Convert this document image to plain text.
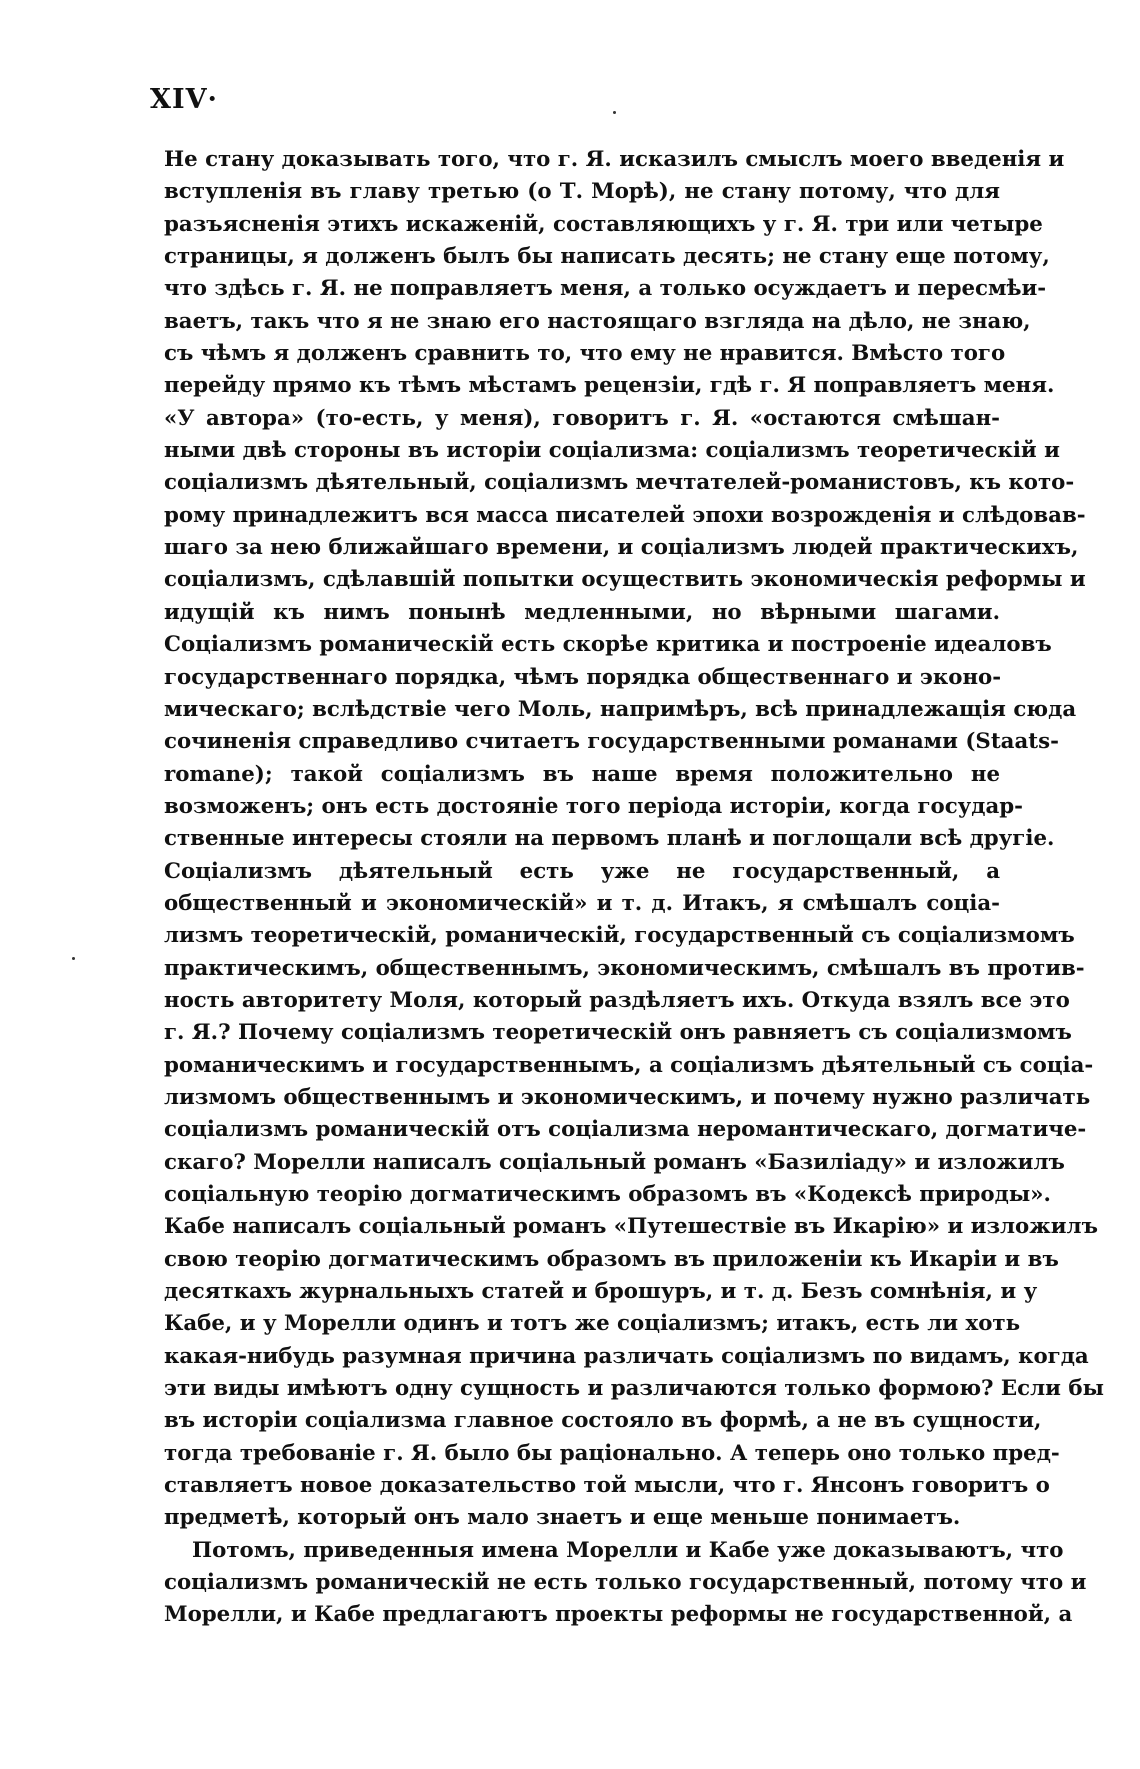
XIV·
Не стану доказывать того, что г. Я. исказилъ смыслъ моего введенія и
вступленія въ главу третью (о Т. Морѣ), не стану потому, что для
разъясненія этихъ искаженій, составляющихъ у г. Я. три или четыре
страницы, я долженъ былъ бы написать десять; не стану еще потому,
что здѣсь г. Я. не поправляетъ меня, а только осуждаетъ и пересмѣи-
ваетъ, такъ что я не знаю его настоящаго взгляда на дѣло, не знаю,
съ чѣмъ я долженъ сравнить то, что ему не нравится. Вмѣсто того
перейду прямо къ тѣмъ мѣстамъ рецензіи, гдѣ г. Я поправляетъ меня.
«У автора» (то-есть, у меня), говоритъ г. Я. «остаются смѣшан-
ными двѣ стороны въ исторіи соціализма: соціализмъ теоретическій и
соціализмъ дѣятельный, соціализмъ мечтателей-романистовъ, къ кото-
рому принадлежитъ вся масса писателей эпохи возрожденія и слѣдовав-
шаго за нею ближайшаго времени, и соціализмъ людей практическихъ,
соціализмъ, сдѣлавшій попытки осуществить экономическія реформы и
идущій къ нимъ понынѣ медленными, но вѣрными шагами.
Соціализмъ романическій есть скорѣе критика и построеніе идеаловъ
государственнаго порядка, чѣмъ порядка общественнаго и эконо-
мическаго; вслѣдствіе чего Моль, напримѣръ, всѣ принадлежащія сюда
сочиненія справедливо считаетъ государственными романами (Staats-
romane); такой соціализмъ въ наше время положительно не
возможенъ; онъ есть достояніе того періода исторіи, когда государ-
ственные интересы стояли на первомъ планѣ и поглощали всѣ другіе.
Соціализмъ дѣятельный есть уже не государственный, а
общественный и экономическій» и т. д. Итакъ, я смѣшалъ соціа-
лизмъ теоретическій, романическій, государственный съ соціализмомъ
практическимъ, общественнымъ, экономическимъ, смѣшалъ въ против-
ность авторитету Моля, который раздѣляетъ ихъ. Откуда взялъ все это
г. Я.? Почему соціализмъ теоретическій онъ равняетъ съ соціализмомъ
романическимъ и государственнымъ, а соціализмъ дѣятельный съ соціа-
лизмомъ общественнымъ и экономическимъ, и почему нужно различать
соціализмъ романическій отъ соціализма неромантическаго, догматиче-
скаго? Морелли написалъ соціальный романъ «Базиліаду» и изложилъ
соціальную теорію догматическимъ образомъ въ «Кодексѣ природы».
Кабе написалъ соціальный романъ «Путешествіе въ Икарію» и изложилъ
свою теорію догматическимъ образомъ въ приложеніи къ Икаріи и въ
десяткахъ журнальныхъ статей и брошуръ, и т. д. Безъ сомнѣнія, и у
Кабе, и у Морелли одинъ и тотъ же соціализмъ; итакъ, есть ли хоть
какая-нибудь разумная причина различать соціализмъ по видамъ, когда
эти виды имѣютъ одну сущность и различаются только формою? Если бы
въ исторіи соціализма главное состояло въ формѣ, а не въ сущности,
тогда требованіе г. Я. было бы раціонально. А теперь оно только пред-
ставляетъ новое доказательство той мысли, что г. Янсонъ говоритъ о
предметѣ, который онъ мало знаетъ и еще меньше понимаетъ.
Потомъ, приведенныя имена Морелли и Кабе уже доказываютъ, что
соціализмъ романическій не есть только государственный, потому что и
Морелли, и Кабе предлагаютъ проекты реформы не государственной, а
